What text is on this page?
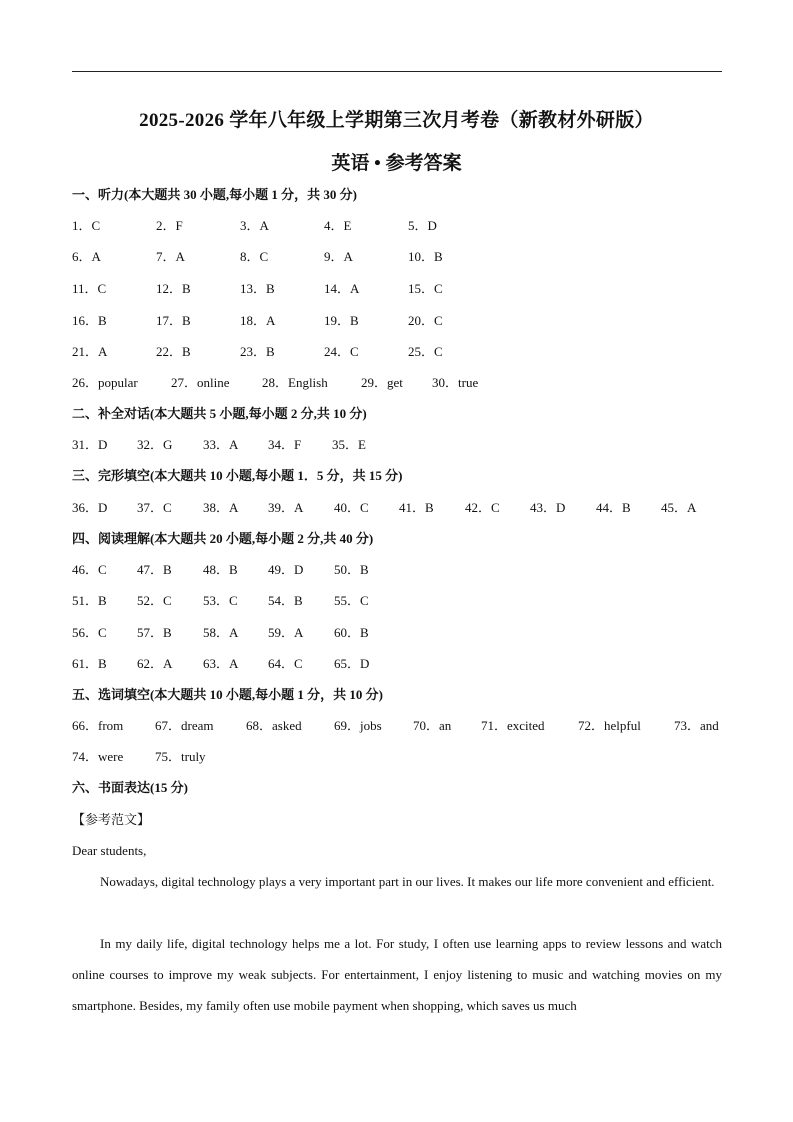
2025-2026 学年八年级上学期第三次月考卷（新教材外研版）
英语 • 参考答案
一、听力(本大题共 30 小题,每小题 1 分，共 30 分)
1．C	2．F	3．A	4．E	5．D
6．A	7．A	8．C	9．A	10．B
11．C	12．B	13．B	14．A	15．C
16．B	17．B	18．A	19．B	20．C
21．A	22．B	23．B	24．C	25．C
26．popular	27．online	28．English	29．get 30．true
二、补全对话(本大题共 5 小题,每小题 2 分,共 10 分)
31．D 32．G 33．A 34．F 35．E
三、完形填空(本大题共 10 小题,每小题 1．5 分，共 15 分)
36．D 37．C 38．A 39．A 40．C 41．B 42．C 43．D 44．B 45．A
四、阅读理解(本大题共 20 小题,每小题 2 分,共 40 分)
46．C 47．B 48．B 49．D 50．B
51．B 52．C 53．C 54．B 55．C
56．C 57．B 58．A 59．A 60．B
61．B 62．A 63．A 64．C 65．D
五、选词填空(本大题共 10 小题,每小题 1 分，共 10 分)
66．from 67．dream	68．asked 69．jobs 70．an 71．excited	72．helpful	73．and
74．were 75．truly
六、书面表达(15 分)
【参考范文】
Dear students,
Nowadays, digital technology plays a very important part in our lives. It makes our life more convenient and efficient.
In my daily life, digital technology helps me a lot. For study, I often use learning apps to review lessons and watch online courses to improve my weak subjects. For entertainment, I enjoy listening to music and watching movies on my smartphone. Besides, my family often use mobile payment when shopping, which saves us much
